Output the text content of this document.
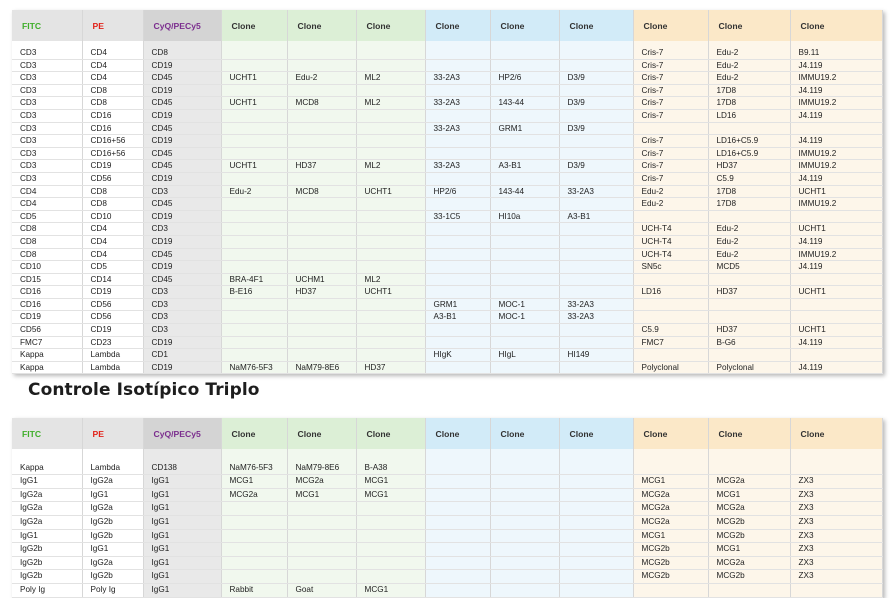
FITC	PE	CyQ/PECy5	Clone	Clone	Clone	Clone	Clone	Clone	Clone	Clone	Clone

CD3	CD4	CD8							Cris-7	Edu-2	B9.11
CD3	CD4	CD19							Cris-7	Edu-2	J4.119
CD3	CD4	CD45	UCHT1	Edu-2	ML2	33-2A3	HP2/6	D3/9	Cris-7	Edu-2	IMMU19.2
CD3	CD8	CD19							Cris-7	17D8	J4.119
CD3	CD8	CD45	UCHT1	MCD8	ML2	33-2A3	143-44	D3/9	Cris-7	17D8	IMMU19.2
CD3	CD16	CD19							Cris-7	LD16	J4.119
CD3	CD16	CD45				33-2A3	GRM1	D3/9			
CD3	CD16+56	CD19							Cris-7	LD16+C5.9	J4.119
CD3	CD16+56	CD45							Cris-7	LD16+C5.9	IMMU19.2
CD3	CD19	CD45	UCHT1	HD37	ML2	33-2A3	A3-B1	D3/9	Cris-7	HD37	IMMU19.2
CD3	CD56	CD19							Cris-7	C5.9	J4.119
CD4	CD8	CD3	Edu-2	MCD8	UCHT1	HP2/6	143-44	33-2A3	Edu-2	17D8	UCHT1
CD4	CD8	CD45							Edu-2	17D8	IMMU19.2
CD5	CD10	CD19				33-1C5	HI10a	A3-B1			
CD8	CD4	CD3							UCH-T4	Edu-2	UCHT1
CD8	CD4	CD19							UCH-T4	Edu-2	J4.119
CD8	CD4	CD45							UCH-T4	Edu-2	IMMU19.2
CD10	CD5	CD19							SN5c	MCD5	J4.119
CD15	CD14	CD45	BRA-4F1	UCHM1	ML2						
CD16	CD19	CD3	B-E16	HD37	UCHT1				LD16	HD37	UCHT1
CD16	CD56	CD3				GRM1	MOC-1	33-2A3			
CD19	CD56	CD3				A3-B1	MOC-1	33-2A3			
CD56	CD19	CD3							C5.9	HD37	UCHT1
FMC7	CD23	CD19							FMC7	B-G6	J4.119
Kappa	Lambda	CD1				HIgK	HIgL	HI149			
Kappa	Lambda	CD19	NaM76-5F3	NaM79-8E6	HD37				Polyclonal	Polyclonal	J4.119
Controle Isotípico Triplo
FITC	PE	CyQ/PECy5	Clone	Clone	Clone	Clone	Clone	Clone	Clone	Clone	Clone

Kappa	Lambda	CD138	NaM76-5F3	NaM79-8E6	B-A38						
IgG1	IgG2a	IgG1	MCG1	MCG2a	MCG1				MCG1	MCG2a	ZX3
IgG2a	IgG1	IgG1	MCG2a	MCG1	MCG1				MCG2a	MCG1	ZX3
IgG2a	IgG2a	IgG1							MCG2a	MCG2a	ZX3
IgG2a	IgG2b	IgG1							MCG2a	MCG2b	ZX3
IgG1	IgG2b	IgG1							MCG1	MCG2b	ZX3
IgG2b	IgG1	IgG1							MCG2b	MCG1	ZX3
IgG2b	IgG2a	IgG1							MCG2b	MCG2a	ZX3
IgG2b	IgG2b	IgG1							MCG2b	MCG2b	ZX3
Poly Ig	Poly Ig	IgG1	Rabbit	Goat	MCG1						
